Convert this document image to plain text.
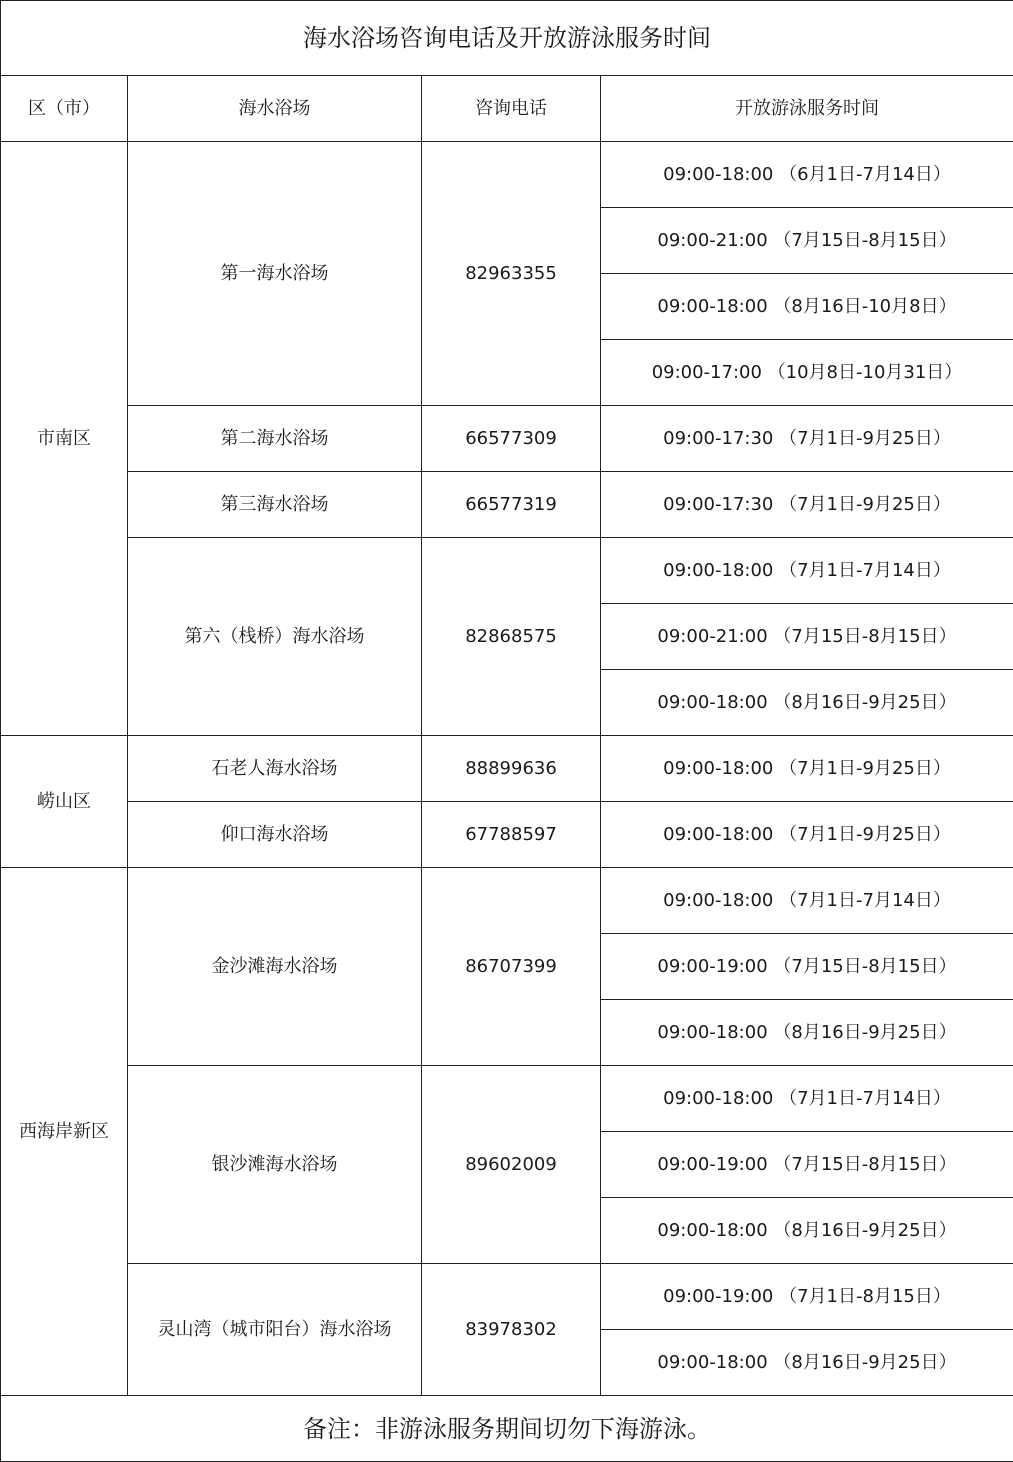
海水浴场咨询电话及开放游泳服务时间			
区（市）	海水浴场	咨询电话	开放游泳服务时间
市南区	第一海水浴场	82963355	09:00-18:00 （6月1日-7月14日）
			09:00-21:00 （7月15日-8月15日）
			09:00-18:00 （8月16日-10月8日）
			09:00-17:00 （10月8日-10月31日）
	第二海水浴场	66577309	09:00-17:30 （7月1日-9月25日）
	第三海水浴场	66577319	09:00-17:30 （7月1日-9月25日）
	第六（栈桥）海水浴场	82868575	09:00-18:00 （7月1日-7月14日）
			09:00-21:00 （7月15日-8月15日）
			09:00-18:00 （8月16日-9月25日）
崂山区	石老人海水浴场	88899636	09:00-18:00 （7月1日-9月25日）
	仰口海水浴场	67788597	09:00-18:00 （7月1日-9月25日）
西海岸新区	金沙滩海水浴场	86707399	09:00-18:00 （7月1日-7月14日）
			09:00-19:00 （7月15日-8月15日）
			09:00-18:00 （8月16日-9月25日）
	银沙滩海水浴场	89602009	09:00-18:00 （7月1日-7月14日）
			09:00-19:00 （7月15日-8月15日）
			09:00-18:00 （8月16日-9月25日）
	灵山湾（城市阳台）海水浴场	83978302	09:00-19:00 （7月1日-8月15日）
			09:00-18:00 （8月16日-9月25日）
备注：非游泳服务期间切勿下海游泳。			
